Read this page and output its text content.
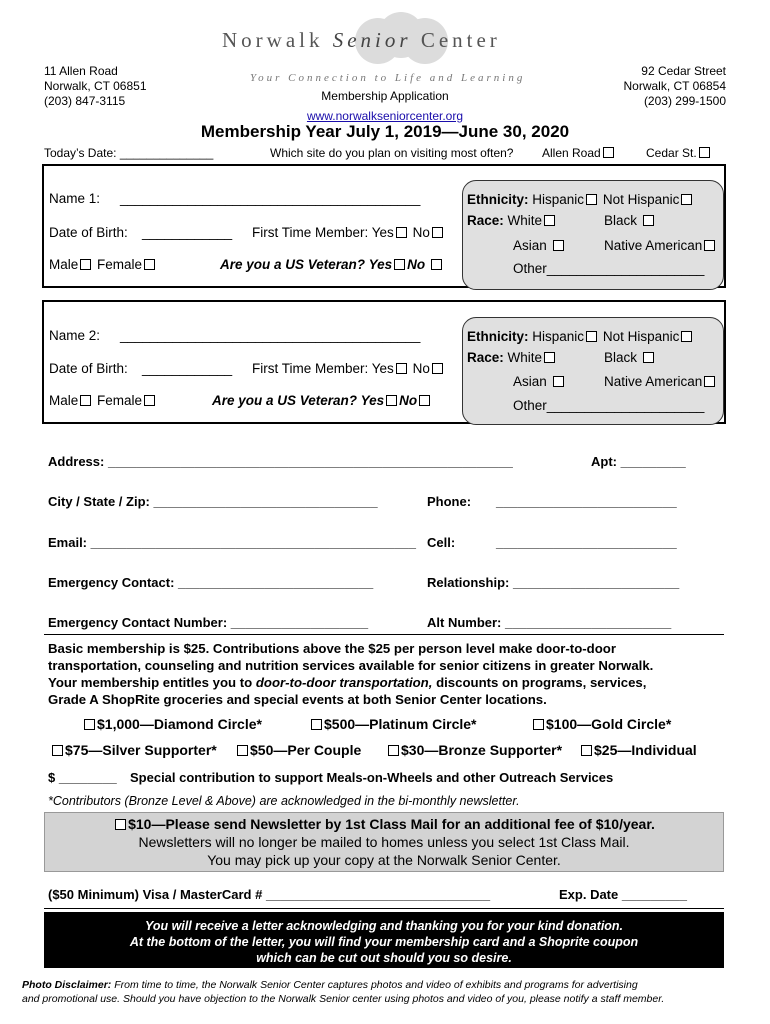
Norwalk Senior Center
Your Connection to Life and Learning
11 Allen Road
Norwalk, CT 06851
(203) 847-3115
92 Cedar Street
Norwalk, CT 06854
(203) 299-1500
Membership Application
www.norwalkseniorcenter.org
Membership Year July 1, 2019—June 30, 2020
Today’s Date: ______________	Which site do you plan on visiting most often? Allen Road	Cedar St.
Name 1: ________________________________________
Date of Birth: ____________ First Time Member: Yes No
Male Female	Are you a US Veteran? Yes No
Ethnicity: Hispanic Not Hispanic
Race: White	Black
Asian	Native American
Other_____________________
Name 2: ________________________________________
Date of Birth: ____________ First Time Member: Yes No
Male Female	Are you a US Veteran? Yes No
Ethnicity: Hispanic Not Hispanic
Race: White	Black
Asian	Native American
Other_____________________
Address: ________________________________________________________	Apt: _________
City / State / Zip: _______________________________	Phone: _________________________
Email: _____________________________________________ Cell:	_________________________
Emergency Contact: ___________________________	Relationship: _______________________
Emergency Contact Number: ___________________	Alt Number: _______________________
Basic membership is $25. Contributions above the $25 per person level make door-to-door
transportation, counseling and nutrition services available for senior citizens in greater Norwalk.
Your membership entitles you to door-to-door transportation, discounts on programs, services,
Grade A ShopRite groceries and special events at both Senior Center locations.
$1,000—Diamond Circle*	$500—Platinum Circle*	$100—Gold Circle*
$75—Silver Supporter*	$50—Per Couple	$30—Bronze Supporter*	$25—Individual
$ ________ Special contribution to support Meals-on-Wheels and other Outreach Services
*Contributors (Bronze Level & Above) are acknowledged in the bi-monthly newsletter.
$10—Please send Newsletter by 1st Class Mail for an additional fee of $10/year.
Newsletters will no longer be mailed to homes unless you select 1st Class Mail.
You may pick up your copy at the Norwalk Senior Center.
($50 Minimum) Visa / MasterCard # _______________________________	Exp. Date _________
You will receive a letter acknowledging and thanking you for your kind donation.
At the bottom of the letter, you will find your membership card and a Shoprite coupon
which can be cut out should you so desire.
Photo Disclaimer: From time to time, the Norwalk Senior Center captures photos and video of exhibits and programs for advertising
and promotional use. Should you have objection to the Norwalk Senior center using photos and video of you, please notify a staff member.
